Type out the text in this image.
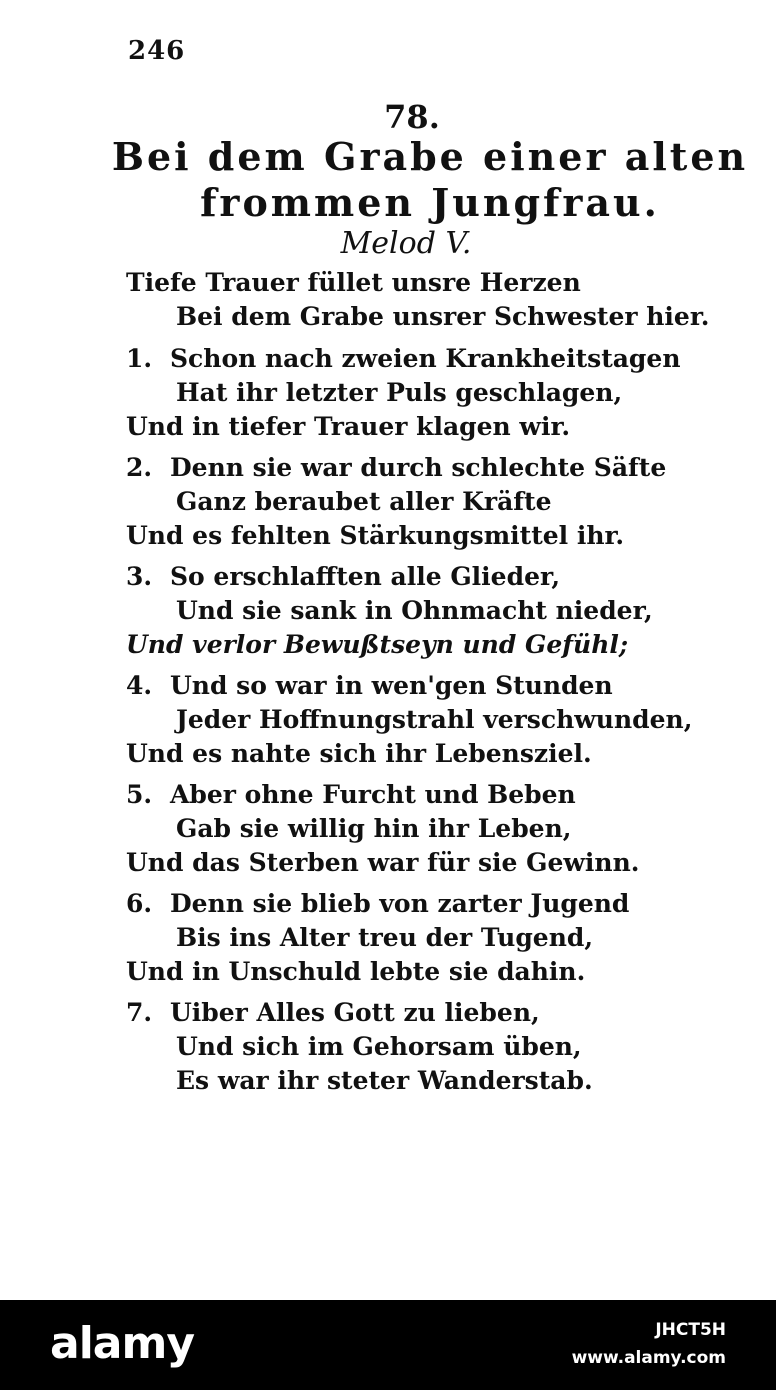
246
78.
Bei dem Grabe einer alten
frommen Jungfrau.
Melod V.
Tiefe Trauer füllet unsre Herzen
Bei dem Grabe unsrer Schwester hier.
1. Schon nach zweien Krankheitstagen
Hat ihr letzter Puls geschlagen,
Und in tiefer Trauer klagen wir.
2. Denn sie war durch schlechte Säfte
Ganz beraubet aller Kräfte
Und es fehlten Stärkungsmittel ihr.
3. So erschlafften alle Glieder,
Und sie sank in Ohnmacht nieder,
Und verlor Bewußtseyn und Gefühl;
4. Und so war in wen'gen Stunden
Jeder Hoffnungstrahl verschwunden,
Und es nahte sich ihr Lebensziel.
5. Aber ohne Furcht und Beben
Gab sie willig hin ihr Leben,
Und das Sterben war für sie Gewinn.
6. Denn sie blieb von zarter Jugend
Bis ins Alter treu der Tugend,
Und in Unschuld lebte sie dahin.
7. Uiber Alles Gott zu lieben,
Und sich im Gehorsam üben,
Es war ihr steter Wanderstab.
alamy	JHCT5H
www.alamy.com
